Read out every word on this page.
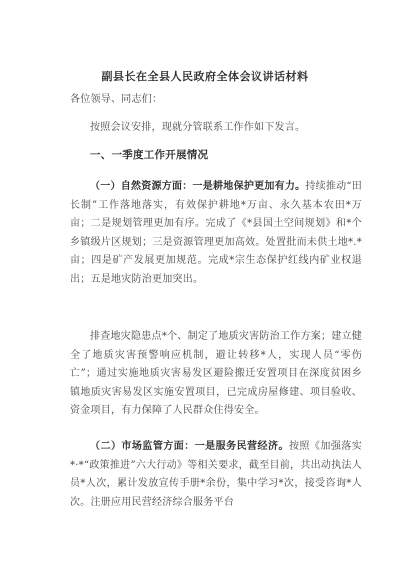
副县长在全县人民政府全体会议讲话材料

各位领导、同志们：

按照会议安排，现就分管联系工作作如下发言。

一、一季度工作开展情况

（一）自然资源方面：一是耕地保护更加有力。持续推动“田长制”工作落地落实，有效保护耕地*万亩、永久基本农田*万亩；二是规划管理更加有序。完成了《*县国土空间规划》和*个乡镇级片区规划；三是资源管理更加高效。处置批而未供土地*.*亩；四是矿产发展更加规范。完成*宗生态保护红线内矿业权退出；五是地灾防治更加突出。

排查地灾隐患点*个、制定了地质灾害防治工作方案；建立健全了地质灾害预警响应机制，避让转移*人，实现人员“零伤亡”；通过实施地质灾害易发区避险搬迁安置项目在深度贫困乡镇地质灾害易发区实施安置项目，已完成房屋修建、项目验收、资金项目，有力保障了人民群众住得安全。

（二）市场监管方面：一是服务民营经济。按照《加强落实*·*“政策推进”六大行动》等相关要求，截至目前，共出动执法人员*人次，累计发放宣传手册*余份，集中学习*次，接受咨询*人次。注册应用民营经济综合服务平台
